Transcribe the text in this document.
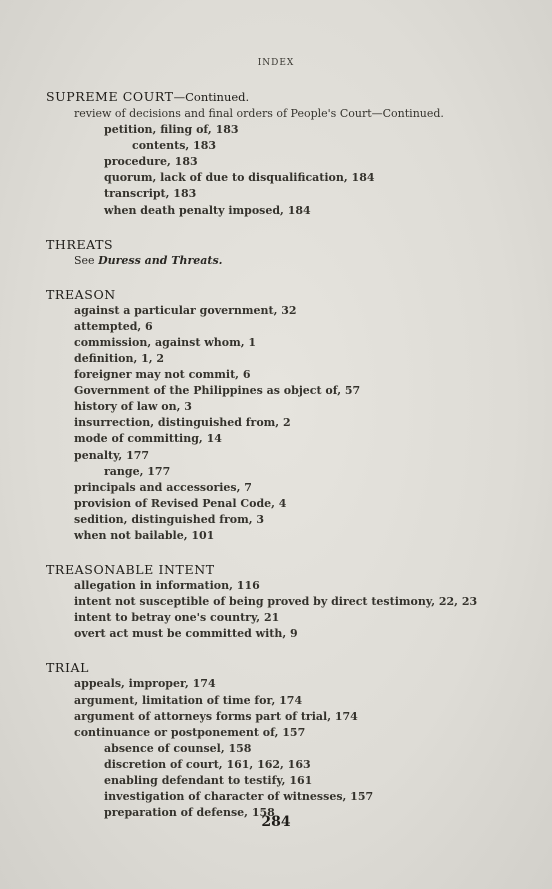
INDEX
SUPREME COURT—Continued.
review of decisions and final orders of People's Court—Continued.
petition, filing of, 183
contents, 183
procedure, 183
quorum, lack of due to disqualification, 184
transcript, 183
when death penalty imposed, 184
THREATS
See Duress and Threats.
TREASON
against a particular government, 32
attempted, 6
commission, against whom, 1
definition, 1, 2
foreigner may not commit, 6
Government of the Philippines as object of, 57
history of law on, 3
insurrection, distinguished from, 2
mode of committing, 14
penalty, 177
range, 177
principals and accessories, 7
provision of Revised Penal Code, 4
sedition, distinguished from, 3
when not bailable, 101
TREASONABLE INTENT
allegation in information, 116
intent not susceptible of being proved by direct testimony, 22, 23
intent to betray one's country, 21
overt act must be committed with, 9
TRIAL
appeals, improper, 174
argument, limitation of time for, 174
argument of attorneys forms part of trial, 174
continuance or postponement of, 157
absence of counsel, 158
discretion of court, 161, 162, 163
enabling defendant to testify, 161
investigation of character of witnesses, 157
preparation of defense, 158
284
